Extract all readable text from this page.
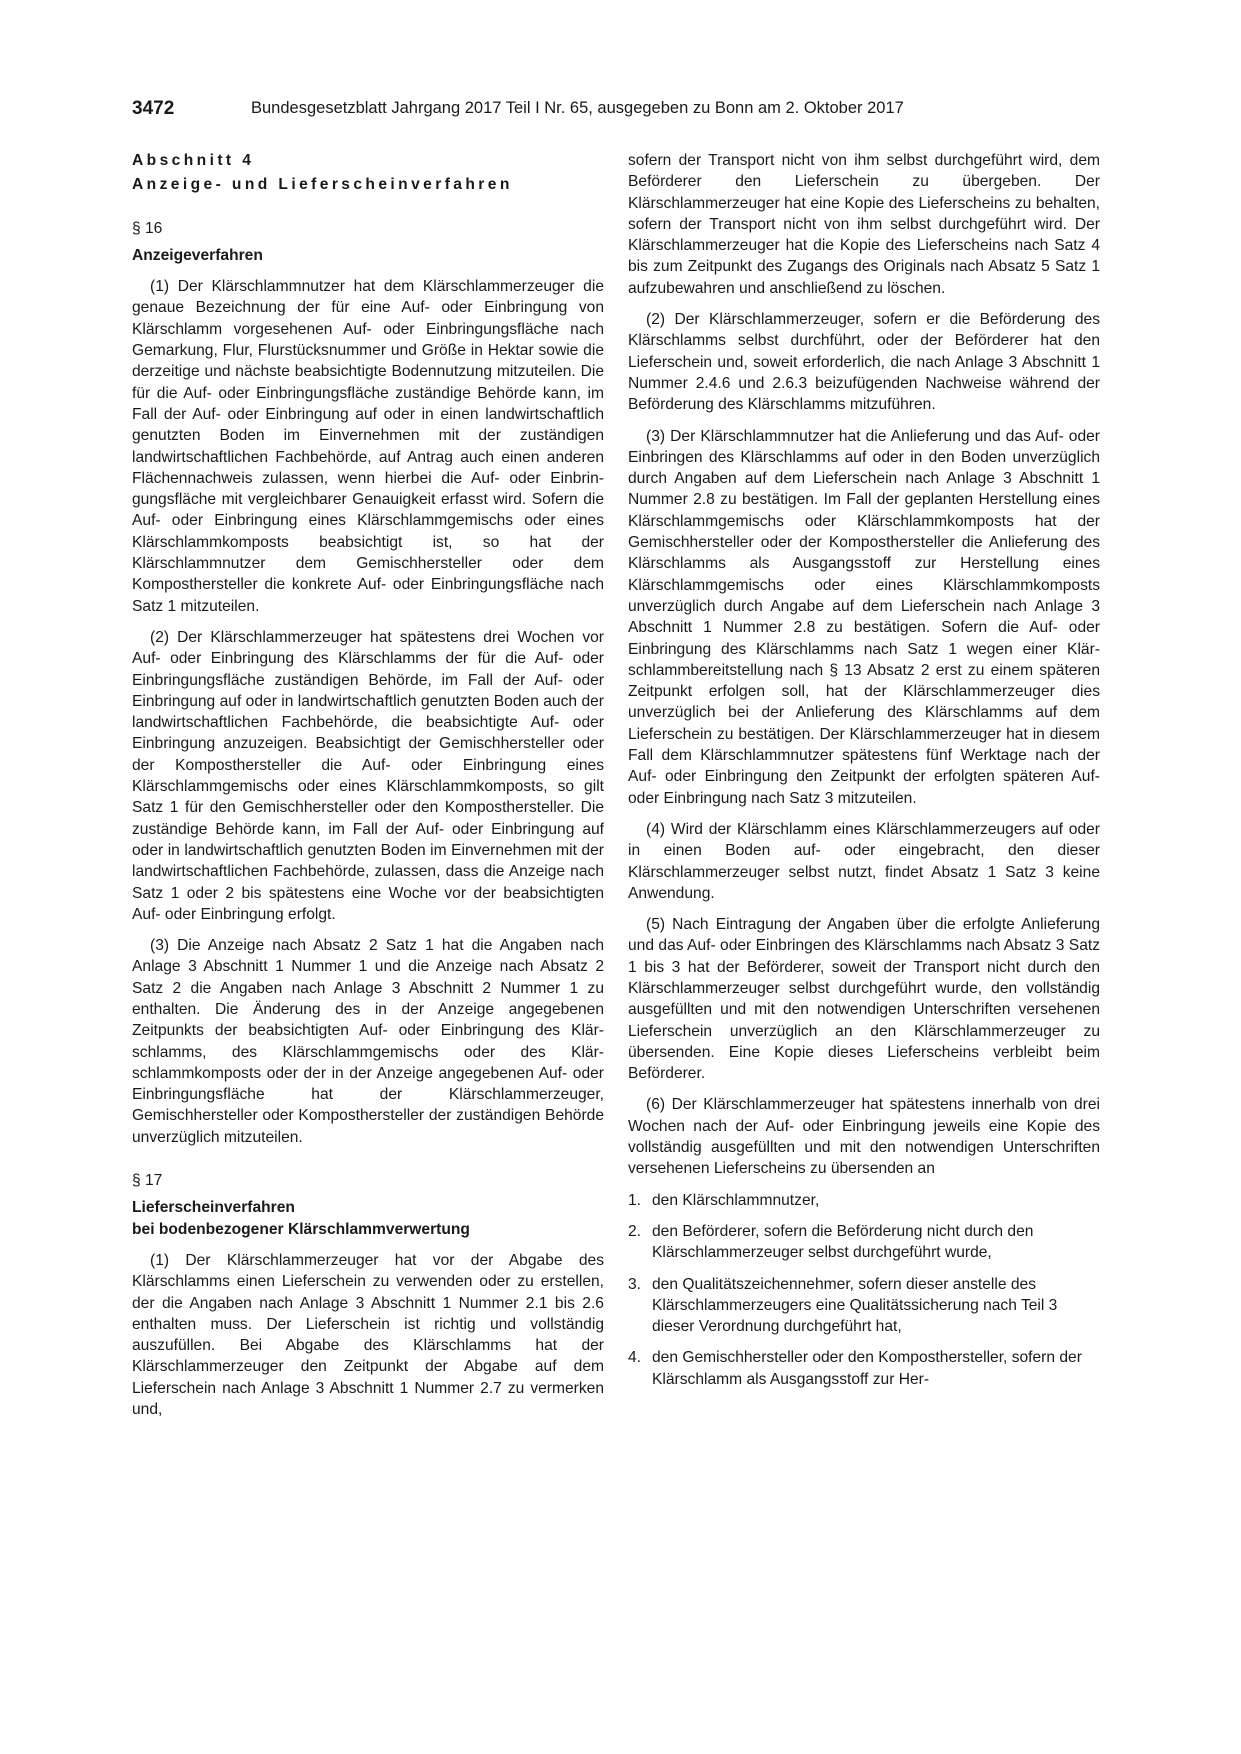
3472	Bundesgesetzblatt Jahrgang 2017 Teil I Nr. 65, ausgegeben zu Bonn am 2. Oktober 2017

Abschnitt 4

Anzeige- und Lieferscheinverfahren

§ 16

Anzeigeverfahren

(1) Der Klärschlammnutzer hat dem Klärschlammerzeuger die genaue Bezeichnung der für eine Auf- oder Einbringung von Klärschlamm vorgesehenen Auf- oder Einbringungsfläche nach Gemarkung, Flur, Flurstücksnummer und Größe in Hektar sowie die derzeitige und nächste beabsichtigte Bodennutzung mitzuteilen. Die für die Auf- oder Einbringungsfläche zuständige Behörde kann, im Fall der Auf- oder Einbringung auf oder in einen landwirtschaftlich genutzten Boden im Einvernehmen mit der zuständigen landwirtschaftlichen Fachbehörde, auf Antrag auch einen anderen Flächennachweis zulassen, wenn hierbei die Auf- oder Einbringungsfläche mit vergleichbarer Genauigkeit erfasst wird. Sofern die Auf- oder Einbringung eines Klärschlammgemischs oder eines Klärschlammkomposts beabsichtigt ist, so hat der Klärschlammnutzer dem Gemischhersteller oder dem Komposthersteller die konkrete Auf- oder Einbringungsfläche nach Satz 1 mitzuteilen.

(2) Der Klärschlammerzeuger hat spätestens drei Wochen vor Auf- oder Einbringung des Klärschlamms der für die Auf- oder Einbringungsfläche zuständigen Behörde, im Fall der Auf- oder Einbringung auf oder in landwirtschaftlich genutzten Boden auch der landwirtschaftlichen Fachbehörde, die beabsichtigte Auf- oder Einbringung anzuzeigen. Beabsichtigt der Gemischhersteller oder der Komposthersteller die Auf- oder Einbringung eines Klärschlammgemischs oder eines Klärschlammkomposts, so gilt Satz 1 für den Gemischhersteller oder den Komposthersteller. Die zuständige Behörde kann, im Fall der Auf- oder Einbringung auf oder in landwirtschaftlich genutzten Boden im Einvernehmen mit der landwirtschaftlichen Fachbehörde, zulassen, dass die Anzeige nach Satz 1 oder 2 bis spätestens eine Woche vor der beabsichtigten Auf- oder Einbringung erfolgt.

(3) Die Anzeige nach Absatz 2 Satz 1 hat die Angaben nach Anlage 3 Abschnitt 1 Nummer 1 und die Anzeige nach Absatz 2 Satz 2 die Angaben nach Anlage 3 Abschnitt 2 Nummer 1 zu enthalten. Die Änderung des in der Anzeige angegebenen Zeitpunkts der beabsichtigten Auf- oder Einbringung des Klärschlamms, des Klärschlammgemischs oder des Klärschlammkomposts oder der in der Anzeige angegebenen Auf- oder Einbringungsfläche hat der Klärschlammerzeuger, Gemischhersteller oder Komposthersteller der zuständigen Behörde unverzüglich mitzuteilen.

§ 17

Lieferscheinverfahren

bei bodenbezogener Klärschlammverwertung

(1) Der Klärschlammerzeuger hat vor der Abgabe des Klärschlamms einen Lieferschein zu verwenden oder zu erstellen, der die Angaben nach Anlage 3 Abschnitt 1 Nummer 2.1 bis 2.6 enthalten muss. Der Lieferschein ist richtig und vollständig auszufüllen. Bei Abgabe des Klärschlamms hat der Klärschlammerzeuger den Zeitpunkt der Abgabe auf dem Lieferschein nach Anlage 3 Abschnitt 1 Nummer 2.7 zu vermerken und,

sofern der Transport nicht von ihm selbst durchgeführt wird, dem Beförderer den Lieferschein zu übergeben. Der Klärschlammerzeuger hat eine Kopie des Lieferscheins zu behalten, sofern der Transport nicht von ihm selbst durchgeführt wird. Der Klärschlammerzeuger hat die Kopie des Lieferscheins nach Satz 4 bis zum Zeitpunkt des Zugangs des Originals nach Absatz 5 Satz 1 aufzubewahren und anschließend zu löschen.

(2) Der Klärschlammerzeuger, sofern er die Beförderung des Klärschlamms selbst durchführt, oder der Beförderer hat den Lieferschein und, soweit erforderlich, die nach Anlage 3 Abschnitt 1 Nummer 2.4.6 und 2.6.3 beizufügenden Nachweise während der Beförderung des Klärschlamms mitzuführen.

(3) Der Klärschlammnutzer hat die Anlieferung und das Auf- oder Einbringen des Klärschlamms auf oder in den Boden unverzüglich durch Angaben auf dem Lieferschein nach Anlage 3 Abschnitt 1 Nummer 2.8 zu bestätigen. Im Fall der geplanten Herstellung eines Klärschlammgemischs oder Klärschlammkomposts hat der Gemischhersteller oder der Komposthersteller die Anlieferung des Klärschlamms als Ausgangsstoff zur Herstellung eines Klärschlammgemischs oder eines Klärschlammkomposts unverzüglich durch Angabe auf dem Lieferschein nach Anlage 3 Abschnitt 1 Nummer 2.8 zu bestätigen. Sofern die Auf- oder Einbringung des Klärschlamms nach Satz 1 wegen einer Klärschlammbereitstellung nach § 13 Absatz 2 erst zu einem späteren Zeitpunkt erfolgen soll, hat der Klärschlammerzeuger dies unverzüglich bei der Anlieferung des Klärschlamms auf dem Lieferschein zu bestätigen. Der Klärschlammerzeuger hat in diesem Fall dem Klärschlammnutzer spätestens fünf Werktage nach der Auf- oder Einbringung den Zeitpunkt der erfolgten späteren Auf- oder Einbringung nach Satz 3 mitzuteilen.

(4) Wird der Klärschlamm eines Klärschlammerzeugers auf oder in einen Boden auf- oder eingebracht, den dieser Klärschlammerzeuger selbst nutzt, findet Absatz 1 Satz 3 keine Anwendung.

(5) Nach Eintragung der Angaben über die erfolgte Anlieferung und das Auf- oder Einbringen des Klärschlamms nach Absatz 3 Satz 1 bis 3 hat der Beförderer, soweit der Transport nicht durch den Klärschlammerzeuger selbst durchgeführt wurde, den vollständig ausgefüllten und mit den notwendigen Unterschriften versehenen Lieferschein unverzüglich an den Klärschlammerzeuger zu übersenden. Eine Kopie dieses Lieferscheins verbleibt beim Beförderer.

(6) Der Klärschlammerzeuger hat spätestens innerhalb von drei Wochen nach der Auf- oder Einbringung jeweils eine Kopie des vollständig ausgefüllten und mit den notwendigen Unterschriften versehenen Lieferscheins zu übersenden an

1. den Klärschlammnutzer,
2. den Beförderer, sofern die Beförderung nicht durch den Klärschlammerzeuger selbst durchgeführt wurde,
3. den Qualitätszeichennehmer, sofern dieser anstelle des Klärschlammerzeugers eine Qualitätssicherung nach Teil 3 dieser Verordnung durchgeführt hat,
4. den Gemischhersteller oder den Komposthersteller, sofern der Klärschlamm als Ausgangsstoff zur Her-
